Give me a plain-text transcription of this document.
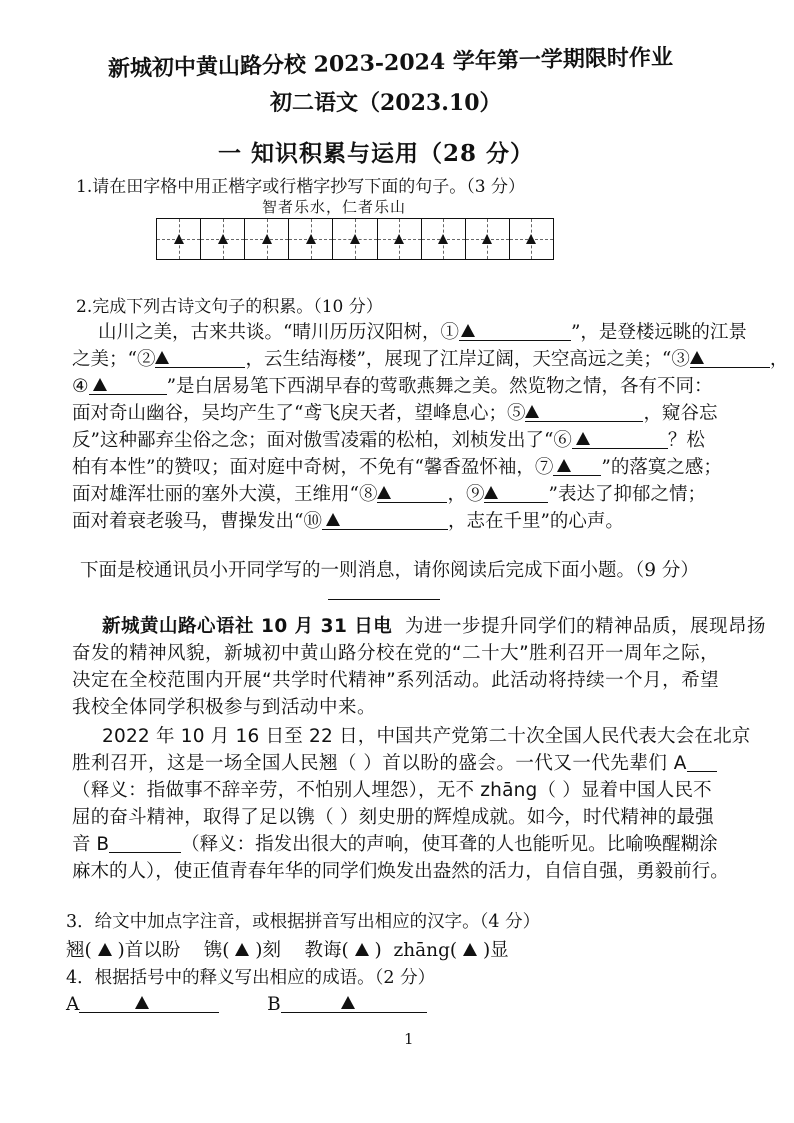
新城初中黄山路分校 2023-2024 学年第一学期限时作业
初二语文（2023.10）
一 知识积累与运用（28 分）
1.请在田字格中用正楷字或行楷字抄写下面的句子。（3 分）
智者乐水，仁者乐山
2.完成下列古诗文句子的积累。（10 分）
山川之美，古来共谈。“晴川历历汉阳树，①	”，是登楼远眺的江景
之美；“②	，云生结海楼”，展现了江岸辽阔，天空高远之美；“③	，
④	”是白居易笔下西湖早春的莺歌燕舞之美。然览物之情，各有不同：
面对奇山幽谷，吴均产生了“鸢飞戾天者，望峰息心；⑤	，窥谷忘
反”这种鄙弃尘俗之念；面对傲雪凌霜的松柏，刘桢发出了“⑥	？松
柏有本性”的赞叹；面对庭中奇树，不免有“馨香盈怀袖，⑦	”的落寞之感；
面对雄浑壮丽的塞外大漠，王维用“⑧	，⑨	”表达了抑郁之情；
面对着衰老骏马，曹操发出“⑩	，志在千里”的心声。
下面是校通讯员小开同学写的一则消息，请你阅读后完成下面小题。（9 分）
新城黄山路心语社 10 月 31 日电 为进一步提升同学们的精神品质，展现昂扬
奋发的精神风貌，新城初中黄山路分校在党的“二十大”胜利召开一周年之际，
决定在全校范围内开展“共学时代精神”系列活动。此活动将持续一个月，希望
我校全体同学积极参与到活动中来。
2022 年 10 月 16 日至 22 日，中国共产党第二十次全国人民代表大会在北京
胜利召开，这是一场全国人民翘（ ）首以盼的盛会。一代又一代先辈们 A
（释义：指做事不辞辛劳，不怕别人埋怨），无不 zhāng（ ）显着中国人民不
屈的奋斗精神，取得了足以镌（ ）刻史册的辉煌成就。如今，时代精神的最强
音 B	（释义：指发出很大的声响，使耳聋的人也能听见。比喻唤醒糊涂
麻木的人），使正值青春年华的同学们焕发出盎然的活力，自信自强，勇毅前行。
3．给文中加点字注音，或根据拼音写出相应的汉字。（4 分）
翘( )首以盼 镌( )刻 教诲( ) zhāng( )显
4．根据括号中的释义写出相应的成语。（2 分）
A	B
1
